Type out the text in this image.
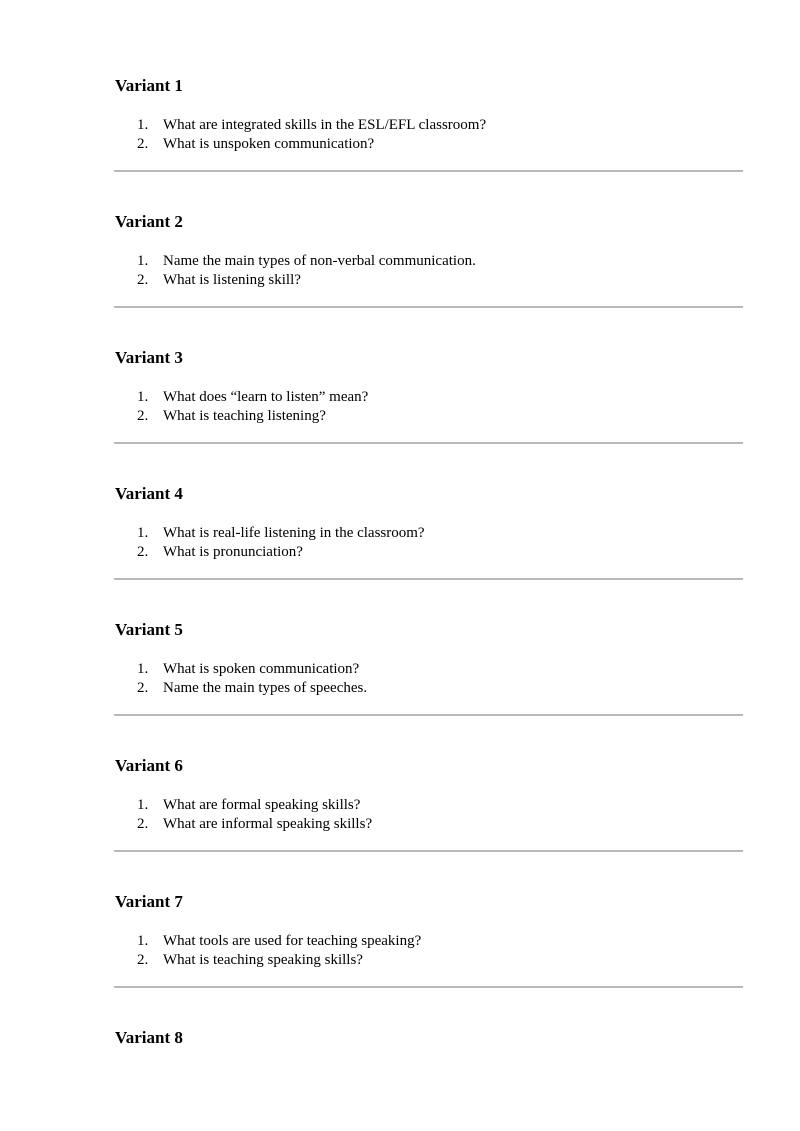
Variant 1
1. What are integrated skills in the ESL/EFL classroom?
2. What is unspoken communication?
Variant 2
1. Name the main types of non-verbal communication.
2. What is listening skill?
Variant 3
1. What does “learn to listen” mean?
2. What is teaching listening?
Variant 4
1. What is real-life listening in the classroom?
2. What is pronunciation?
Variant 5
1. What is spoken communication?
2. Name the main types of speeches.
Variant 6
1. What are formal speaking skills?
2. What are informal speaking skills?
Variant 7
1. What tools are used for teaching speaking?
2. What is teaching speaking skills?
Variant 8
